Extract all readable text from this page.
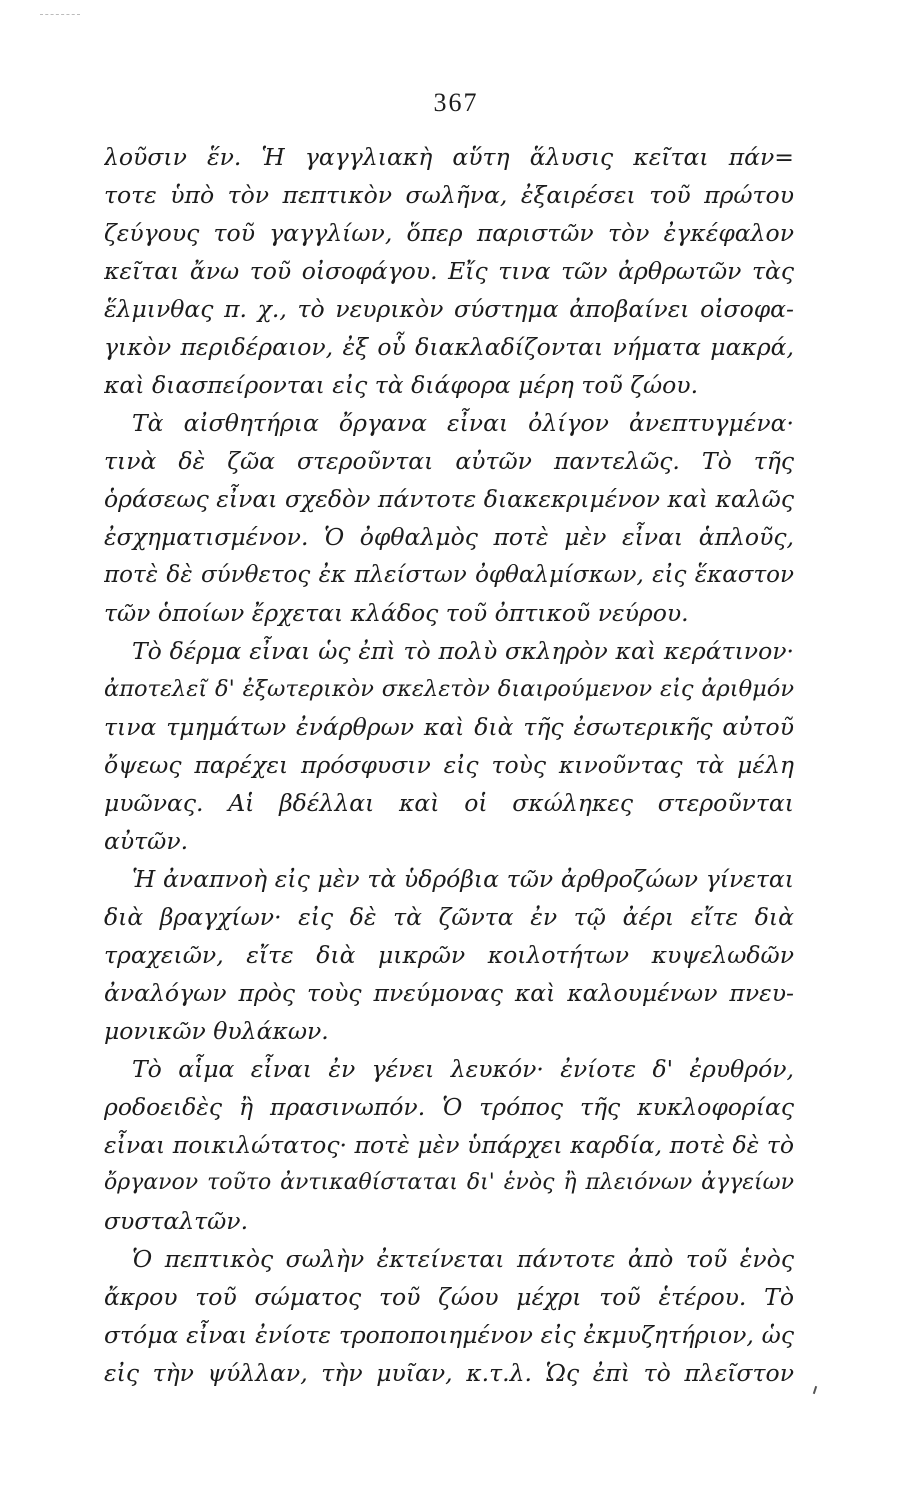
367
λοῦσιν ἕν. Ἡ γαγγλιακὴ αὕτη ἅλυσις κεῖται πάν=
τοτε ὑπὸ τὸν πεπτικὸν σωλῆνα, ἐξαιρέσει τοῦ πρώτου
ζεύγους τοῦ γαγγλίων, ὅπερ παριστῶν τὸν ἐγκέφαλον
κεῖται ἄνω τοῦ οἰσοφάγου. Εἴς τινα τῶν ἀρθρωτῶν τὰς
ἕλμινθας π. χ., τὸ νευρικὸν σύστημα ἀποβαίνει οἰσοφα-
γικὸν περιδέραιον, ἐξ οὗ διακλαδίζονται νήματα μακρά,
καὶ διασπείρονται εἰς τὰ διάφορα μέρη τοῦ ζώου.
Τὰ αἰσθητήρια ὄργανα εἶναι ὀλίγον ἀνεπτυγμένα·
τινὰ δὲ ζῶα στεροῦνται αὐτῶν παντελῶς. Τὸ τῆς
ὁράσεως εἶναι σχεδὸν πάντοτε διακεκριμένον καὶ καλῶς
ἐσχηματισμένον. Ὁ ὀφθαλμὸς ποτὲ μὲν εἶναι ἁπλοῦς,
ποτὲ δὲ σύνθετος ἐκ πλείστων ὀφθαλμίσκων, εἰς ἕκαστον
τῶν ὁποίων ἔρχεται κλάδος τοῦ ὀπτικοῦ νεύρου.
Τὸ δέρμα εἶναι ὡς ἐπὶ τὸ πολὺ σκληρὸν καὶ κεράτινον·
ἀποτελεῖ δ' ἐξωτερικὸν σκελετὸν διαιρούμενον εἰς ἀριθμόν
τινα τμημάτων ἐνάρθρων καὶ διὰ τῆς ἐσωτερικῆς αὐτοῦ
ὄψεως παρέχει πρόσφυσιν εἰς τοὺς κινοῦντας τὰ μέλη
μυῶνας. Αἱ βδέλλαι καὶ οἱ σκώληκες στεροῦνται
αὐτῶν.
Ἡ ἀναπνοὴ εἰς μὲν τὰ ὑδρόβια τῶν ἀρθροζώων γίνεται
διὰ βραγχίων· εἰς δὲ τὰ ζῶντα ἐν τῷ ἀέρι εἴτε διὰ
τραχειῶν, εἴτε διὰ μικρῶν κοιλοτήτων κυψελωδῶν
ἀναλόγων πρὸς τοὺς πνεύμονας καὶ καλουμένων πνευ-
μονικῶν θυλάκων.
Τὸ αἷμα εἶναι ἐν γένει λευκόν· ἐνίοτε δ' ἐρυθρόν,
ροδοειδὲς ἢ πρασινωπόν. Ὁ τρόπος τῆς κυκλοφορίας
εἶναι ποικιλώτατος· ποτὲ μὲν ὑπάρχει καρδία, ποτὲ δὲ τὸ
ὄργανον τοῦτο ἀντικαθίσταται δι' ἑνὸς ἢ πλειόνων ἀγγείων
συσταλτῶν.
Ὁ πεπτικὸς σωλὴν ἐκτείνεται πάντοτε ἀπὸ τοῦ ἑνὸς
ἄκρου τοῦ σώματος τοῦ ζώου μέχρι τοῦ ἑτέρου. Τὸ
στόμα εἶναι ἐνίοτε τροποποιημένον εἰς ἐκμυζητήριον, ὡς
εἰς τὴν ψύλλαν, τὴν μυῖαν, κ.τ.λ. Ὡς ἐπὶ τὸ πλεῖστον
